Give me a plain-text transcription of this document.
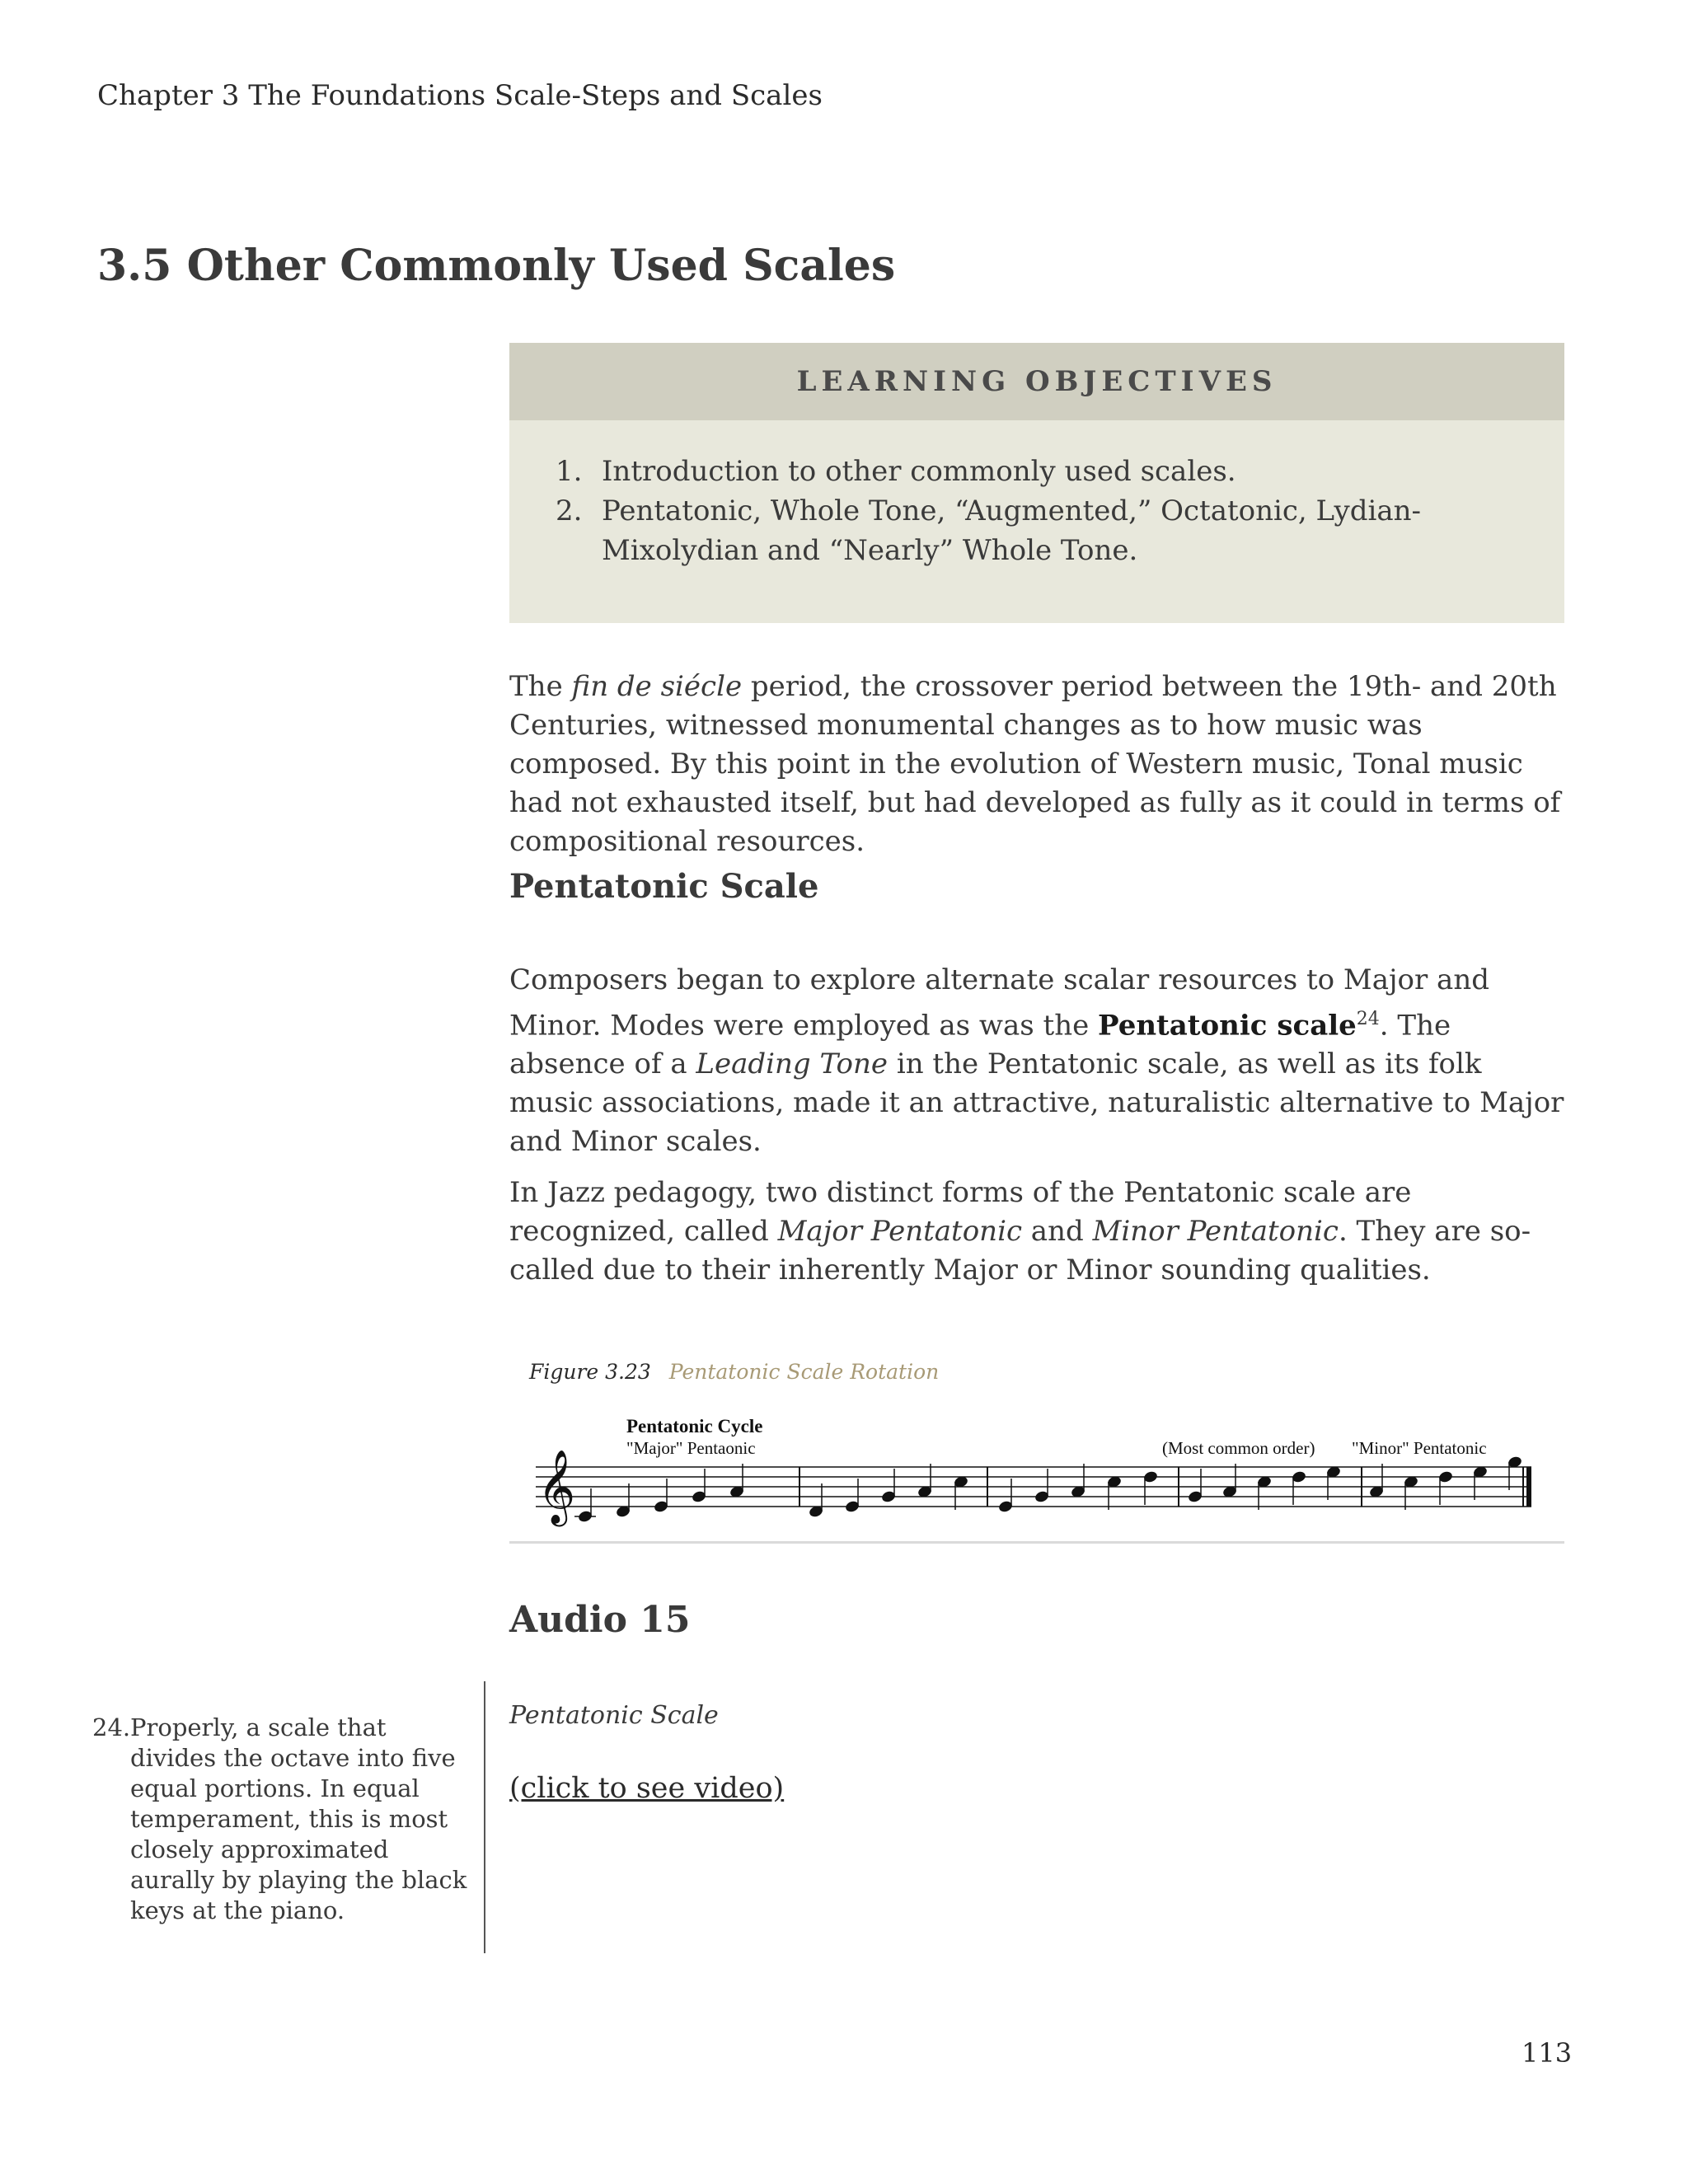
Chapter 3 The Foundations Scale-Steps and Scales
3.5 Other Commonly Used Scales
LEARNING OBJECTIVES
1. Introduction to other commonly used scales.
2. Pentatonic, Whole Tone, “Augmented,” Octatonic, Lydian-Mixolydian and “Nearly” Whole Tone.

The fin de siécle period, the crossover period between the 19th- and 20th Centuries, witnessed monumental changes as to how music was composed. By this point in the evolution of Western music, Tonal music had not exhausted itself, but had developed as fully as it could in terms of compositional resources.

Pentatonic Scale

Composers began to explore alternate scalar resources to Major and Minor. Modes were employed as was the Pentatonic scale$^{24}$. The absence of a Leading Tone in the Pentatonic scale, as well as its folk music associations, made it an attractive, naturalistic alternative to Major and Minor scales.

In Jazz pedagogy, two distinct forms of the Pentatonic scale are recognized, called Major Pentatonic and Minor Pentatonic. They are so-called due to their inherently Major or Minor sounding qualities.

Figure 3.23 Pentatonic Scale Rotation
Pentatonic Cycle
"Major" Pentaonic	(Most common order) "Minor" Pentatonic
𝄞
Audio 15
Pentatonic Scale
(click to see video)
24. Properly, a scale that divides the octave into five equal portions. In equal temperament, this is most closely approximated aurally by playing the black keys at the piano.
113
